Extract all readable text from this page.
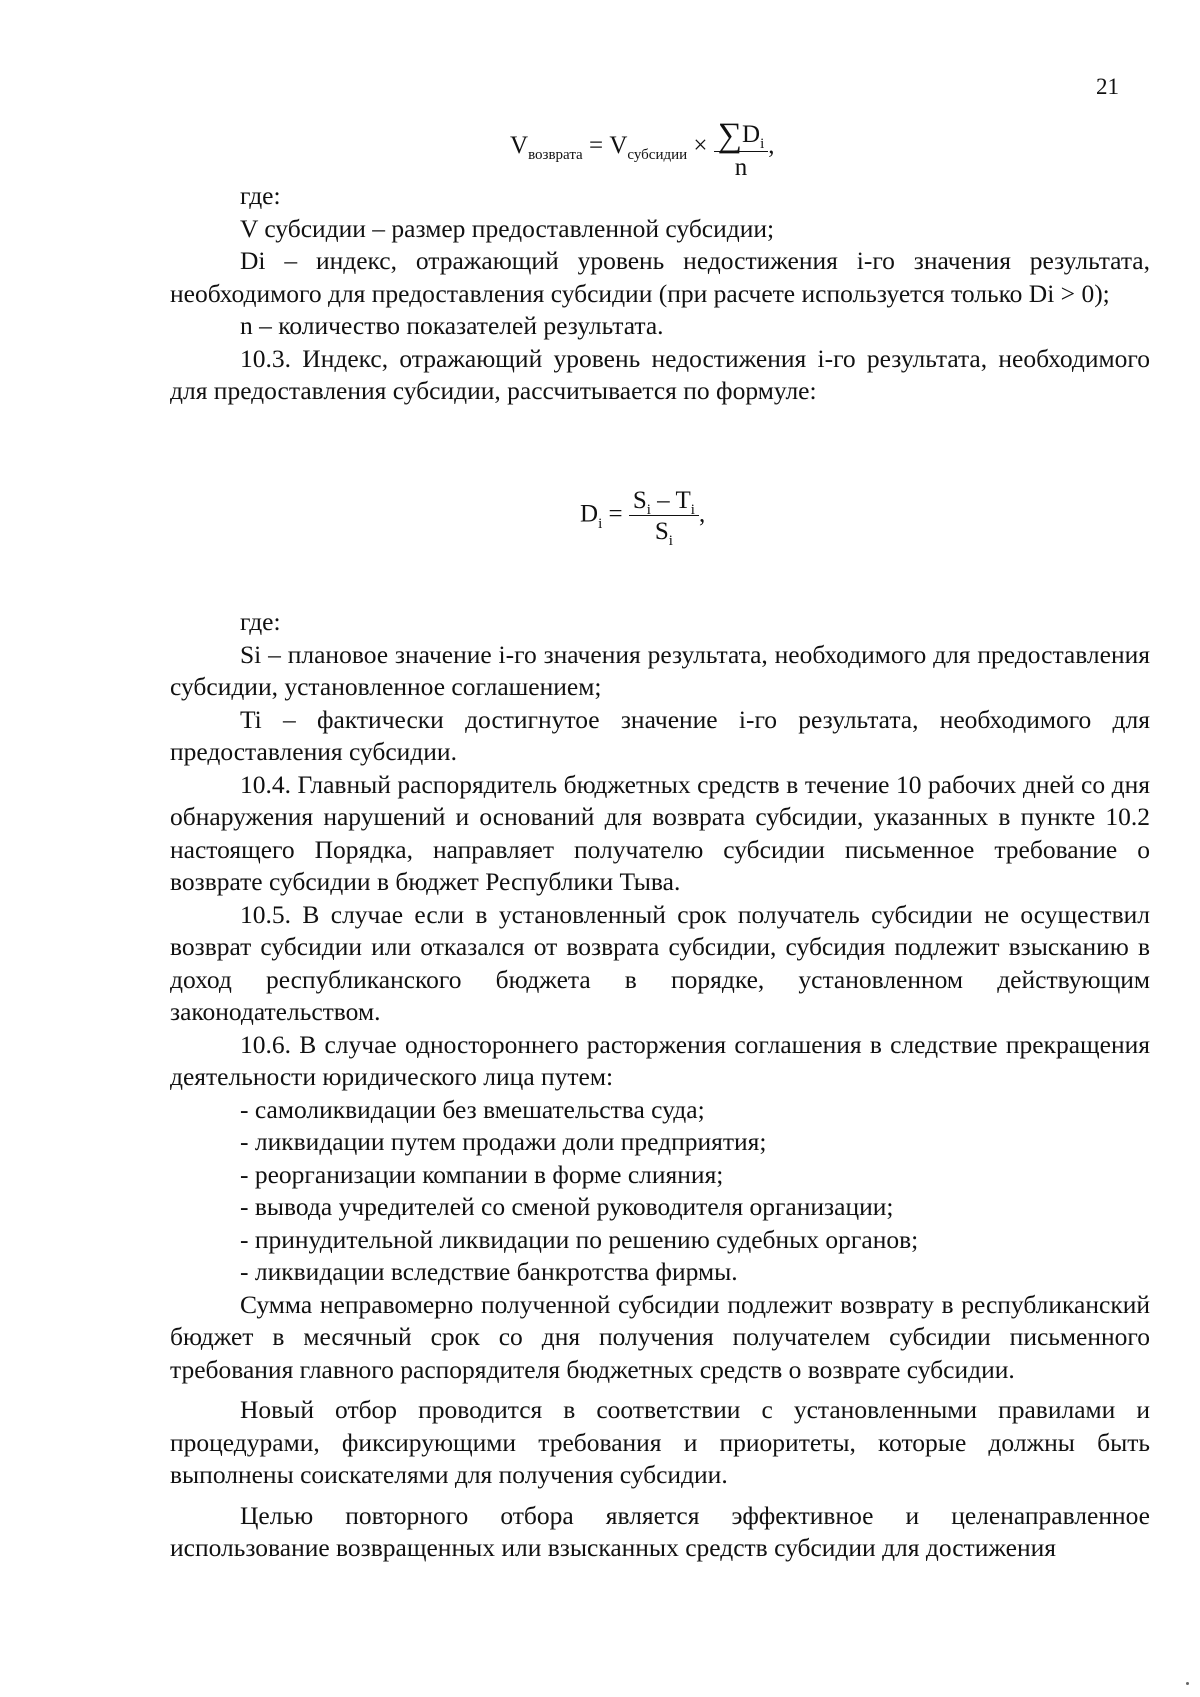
21
$V_{возврата} = V_{субсидии} \times \frac{\sum D_i}{n}$ ,

где:

V субсидии – размер предоставленной субсидии;

Di – индекс, отражающий уровень недостижения i-го значения результата, необходимого для предоставления субсидии (при расчете используется только Di > 0);

n – количество показателей результата.

10.3. Индекс, отражающий уровень недостижения i-го результата, необходимого для предоставления субсидии, рассчитывается по формуле:

$D_i = \frac{S_i - T_i}{S_i}$ ,

где:

Si – плановое значение i-го значения результата, необходимого для предоставления субсидии, установленное соглашением;

Ti – фактически достигнутое значение i-го результата, необходимого для предоставления субсидии.

10.4. Главный распорядитель бюджетных средств в течение 10 рабочих дней со дня обнаружения нарушений и оснований для возврата субсидии, указанных в пункте 10.2 настоящего Порядка, направляет получателю субсидии письменное требование о возврате субсидии в бюджет Республики Тыва.

10.5. В случае если в установленный срок получатель субсидии не осуществил возврат субсидии или отказался от возврата субсидии, субсидия подлежит взысканию в доход республиканского бюджета в порядке, установленном действующим законодательством.

10.6. В случае одностороннего расторжения соглашения в следствие прекращения деятельности юридического лица путем:

- самоликвидации без вмешательства суда;

- ликвидации путем продажи доли предприятия;

- реорганизации компании в форме слияния;

- вывода учредителей со сменой руководителя организации;

- принудительной ликвидации по решению судебных органов;

- ликвидации вследствие банкротства фирмы.

Сумма неправомерно полученной субсидии подлежит возврату в республиканский бюджет в месячный срок со дня получения получателем субсидии письменного требования главного распорядителя бюджетных средств о возврате субсидии.

Новый отбор проводится в соответствии с установленными правилами и процедурами, фиксирующими требования и приоритеты, которые должны быть выполнены соискателями для получения субсидии.

Целью повторного отбора является эффективное и целенаправленное использование возвращенных или взысканных средств субсидии для достижения
